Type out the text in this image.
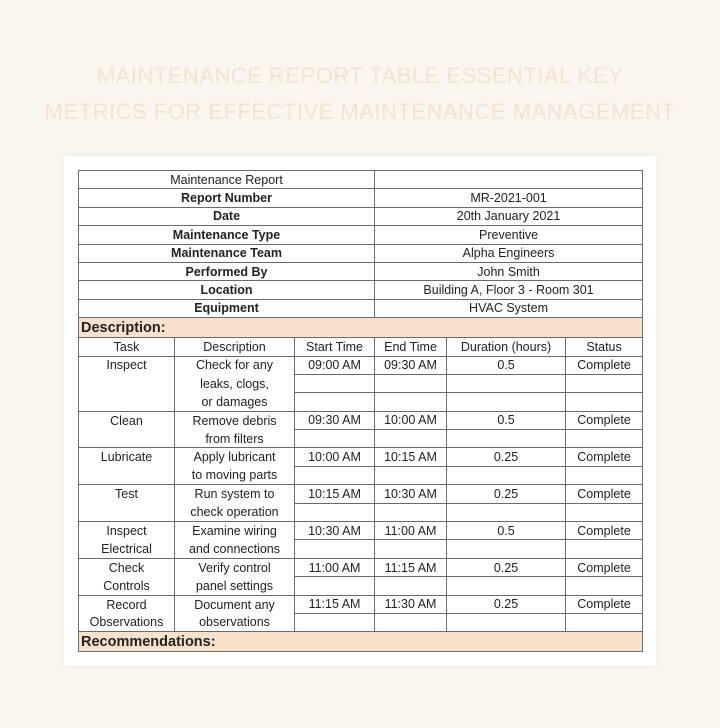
MAINTENANCE REPORT TABLE ESSENTIAL KEY
METRICS FOR EFFECTIVE MAINTENANCE MANAGEMENT
Maintenance Report					
Report Number			MR-2021-001		
Date			20th January 2021		
Maintenance Type			Preventive		
Maintenance Team			Alpha Engineers		
Performed By			John Smith		
Location			Building A, Floor 3 - Room 301		
Equipment			HVAC System		
Description:					
Task	Description	Start Time	End Time	Duration (hours)	Status
Inspect	Check for any	09:00 AM	09:30 AM	0.5	Complete
	leaks, clogs,				
	or damages				
Clean	Remove debris	09:30 AM	10:00 AM	0.5	Complete
	from filters				
Lubricate	Apply lubricant	10:00 AM	10:15 AM	0.25	Complete
	to moving parts				
Test	Run system to	10:15 AM	10:30 AM	0.25	Complete
	check operation				
Inspect	Examine wiring	10:30 AM	11:00 AM	0.5	Complete
Electrical	and connections				
Check	Verify control	11:00 AM	11:15 AM	0.25	Complete
Controls	panel settings				
Record	Document any	11:15 AM	11:30 AM	0.25	Complete
Observations	observations				
Recommendations:					
